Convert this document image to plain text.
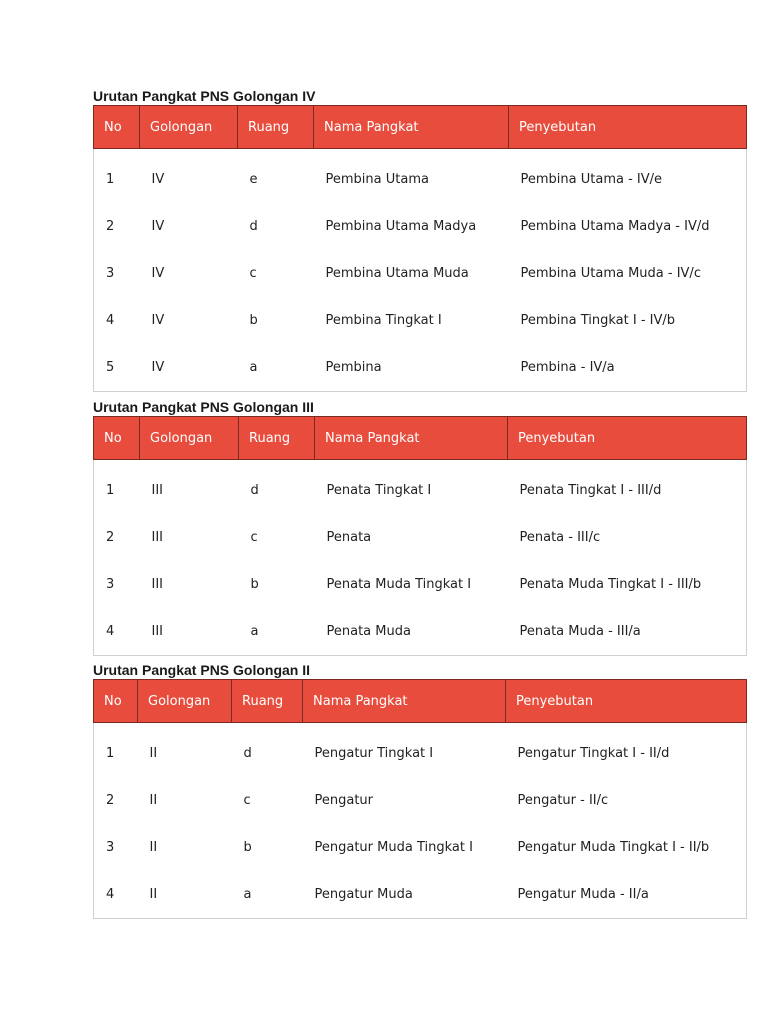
Urutan Pangkat PNS Golongan IV
No	Golongan	Ruang	Nama Pangkat	Penyebutan
1	IV	e	Pembina Utama	Pembina Utama - IV/e
2	IV	d	Pembina Utama Madya	Pembina Utama Madya - IV/d
3	IV	c	Pembina Utama Muda	Pembina Utama Muda - IV/c
4	IV	b	Pembina Tingkat I	Pembina Tingkat I - IV/b
5	IV	a	Pembina	Pembina - IV/a
Urutan Pangkat PNS Golongan III
No	Golongan	Ruang	Nama Pangkat	Penyebutan
1	III	d	Penata Tingkat I	Penata Tingkat I - III/d
2	III	c	Penata	Penata - III/c
3	III	b	Penata Muda Tingkat I	Penata Muda Tingkat I - III/b
4	III	a	Penata Muda	Penata Muda - III/a
Urutan Pangkat PNS Golongan II
No	Golongan	Ruang	Nama Pangkat	Penyebutan
1	II	d	Pengatur Tingkat I	Pengatur Tingkat I - II/d
2	II	c	Pengatur	Pengatur - II/c
3	II	b	Pengatur Muda Tingkat I	Pengatur Muda Tingkat I - II/b
4	II	a	Pengatur Muda	Pengatur Muda - II/a
